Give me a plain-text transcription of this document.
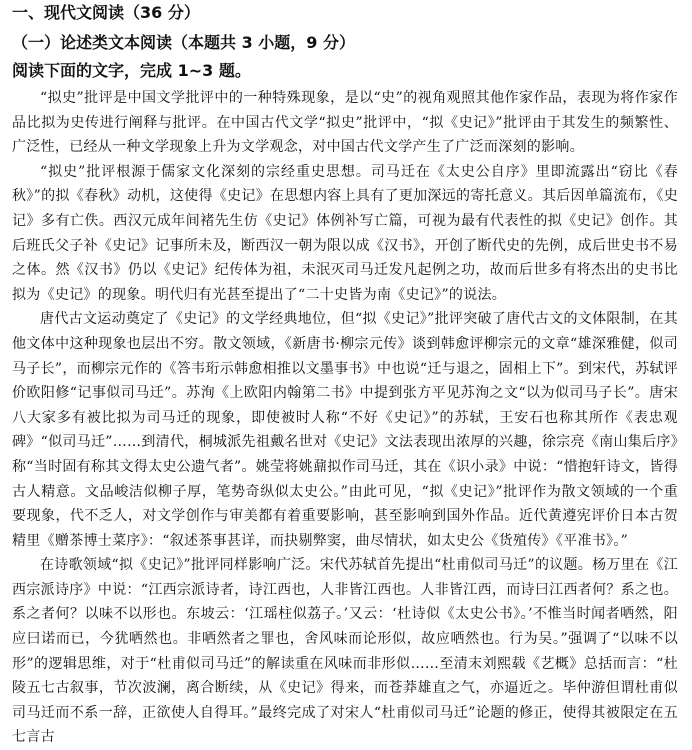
一、现代文阅读（36 分）
（一）论述类文本阅读（本题共 3 小题，9 分）
阅读下面的文字，完成 1~3 题。

“拟史”批评是中国文学批评中的一种特殊现象，是以“史”的视角观照其他作家作品，表现为将作家作品比拟为史传进行阐释与批评。在中国古代文学“拟史”批评中，“拟《史记》”批评由于其发生的频繁性、广泛性，已经从一种文学现象上升为文学观念，对中国古代文学产生了广泛而深刻的影响。

“拟史”批评根源于儒家文化深刻的宗经重史思想。司马迁在《太史公自序》里即流露出“窃比《春秋》”的拟《春秋》动机，这使得《史记》在思想内容上具有了更加深远的寄托意义。其后因单篇流布，《史记》多有亡佚。西汉元成年间褚先生仿《史记》体例补写亡篇，可视为最有代表性的拟《史记》创作。其后班氏父子补《史记》记事所未及，断西汉一朝为限以成《汉书》，开创了断代史的先例，成后世史书不易之体。然《汉书》仍以《史记》纪传体为祖，未泯灭司马迁发凡起例之功，故而后世多有将杰出的史书比拟为《史记》的现象。明代归有光甚至提出了“二十史皆为南《史记》”的说法。

唐代古文运动奠定了《史记》的文学经典地位，但“拟《史记》”批评突破了唐代古文的文体限制，在其他文体中这种现象也层出不穷。散文领域，《新唐书·柳宗元传》谈到韩愈评柳宗元的文章“雄深雅健，似司马子长”，而柳宗元作的《答韦珩示韩愈相推以文墨事书》中也说“迁与退之，固相上下”。到宋代，苏轼评价欧阳修“记事似司马迁”。苏洵《上欧阳内翰第二书》中提到张方平见苏洵之文“以为似司马子长”。唐宋八大家多有被比拟为司马迁的现象，即使被时人称“不好《史记》”的苏轼，王安石也称其所作《表忠观碑》“似司马迁”……到清代，桐城派先祖戴名世对《史记》文法表现出浓厚的兴趣，徐宗亮《南山集后序》称“当时固有称其文得太史公遗气者”。姚莹将姚鼐拟作司马迁，其在《识小录》中说：“惜抱轩诗文，皆得古人精意。文品峻洁似柳子厚，笔势奇纵似太史公。”由此可见，“拟《史记》”批评作为散文领域的一个重要现象，代不乏人，对文学创作与审美都有着重要影响，甚至影响到国外作品。近代黄遵宪评价日本古贺精里《赠茶博士菜序》：“叙述茶事甚详，而抉剔弊窦，曲尽情状，如太史公《货殖传》《平准书》。”

在诗歌领域“拟《史记》”批评同样影响广泛。宋代苏轼首先提出“杜甫似司马迁”的议题。杨万里在《江西宗派诗序》中说：“江西宗派诗者，诗江西也，人非皆江西也。人非皆江西，而诗曰江西者何？系之也。系之者何？以味不以形也。东坡云：‘江瑶柱似荔子。’又云：‘杜诗似《太史公书》。’不惟当时闻者哂然，阳应曰诺而已，今犹哂然也。非哂然者之罪也，舍风味而论形似，故应哂然也。行为吴。”强调了“以味不以形”的逻辑思维，对于“杜甫似司马迁”的解读重在风味而非形似……至清末刘熙载《艺概》总括而言：“杜陵五七古叙事，节次波澜，离合断续，从《史记》得来，而苍莽雄直之气，亦逼近之。毕仲游但谓杜甫似司马迁而不系一辞，正欲使人自得耳。”最终完成了对宋人“杜甫似司马迁”论题的修正，使得其被限定在五七言古
